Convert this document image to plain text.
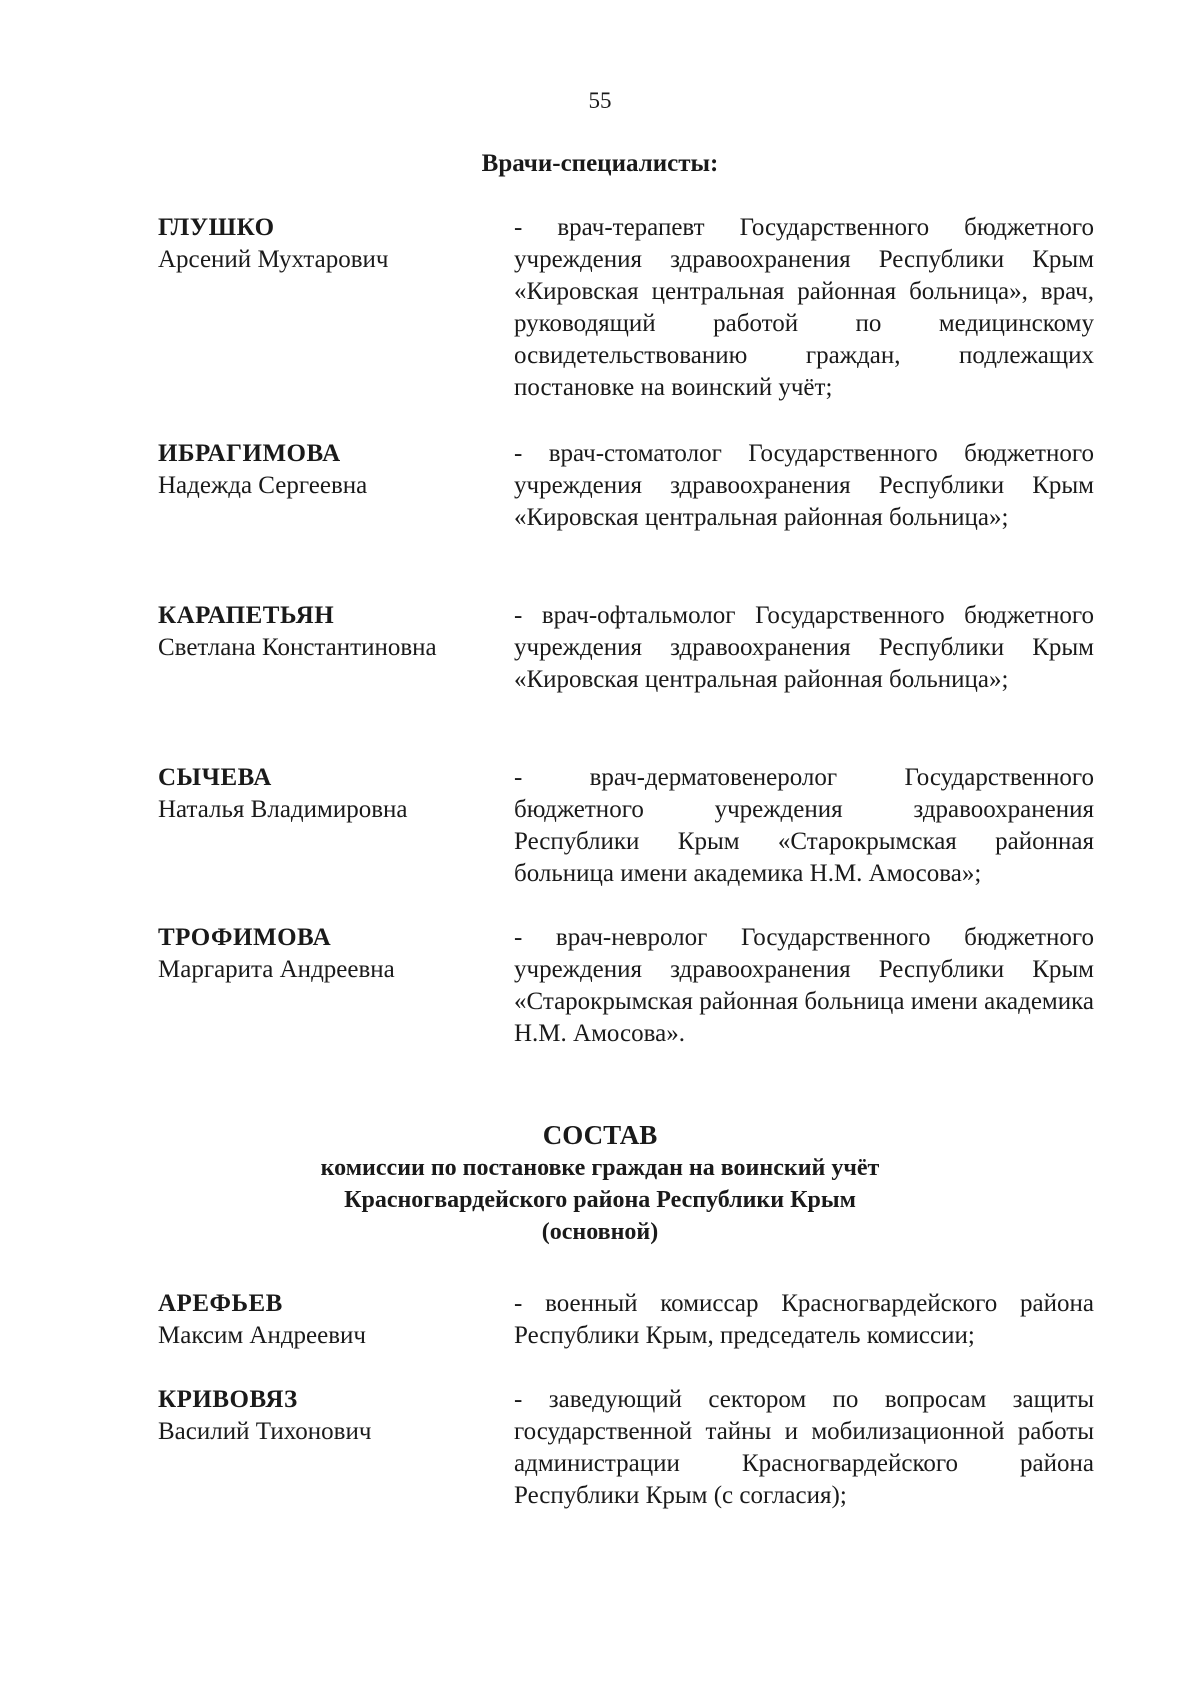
55
Врачи-специалисты:
ГЛУШКО
Арсений Мухтарович
- врач-терапевт Государственного бюджетного учреждения здравоохранения Республики Крым «Кировская центральная районная больница», врач, руководящий работой по медицинскому освидетельствованию граждан, подлежащих постановке на воинский учёт;
ИБРАГИМОВА
Надежда Сергеевна
- врач-стоматолог Государственного бюджетного учреждения здравоохранения Республики Крым «Кировская центральная районная больница»;
КАРАПЕТЬЯН
Светлана Константиновна
- врач-офтальмолог Государственного бюджетного учреждения здравоохранения Республики Крым «Кировская центральная районная больница»;
СЫЧЕВА
Наталья Владимировна
- врач-дерматовенеролог Государственного бюджетного учреждения здравоохранения Республики Крым «Старокрымская районная больница имени академика Н.М. Амосова»;
ТРОФИМОВА
Маргарита Андреевна
- врач-невролог Государственного бюджетного учреждения здравоохранения Республики Крым «Старокрымская районная больница имени академика Н.М. Амосова».
СОСТАВ
комиссии по постановке граждан на воинский учёт
Красногвардейского района Республики Крым
(основной)
АРЕФЬЕВ
Максим Андреевич
- военный комиссар Красногвардейского района Республики Крым, председатель комиссии;
КРИВОВЯЗ
Василий Тихонович
- заведующий сектором по вопросам защиты государственной тайны и мобилизационной работы администрации Красногвардейского района Республики Крым (с согласия);
